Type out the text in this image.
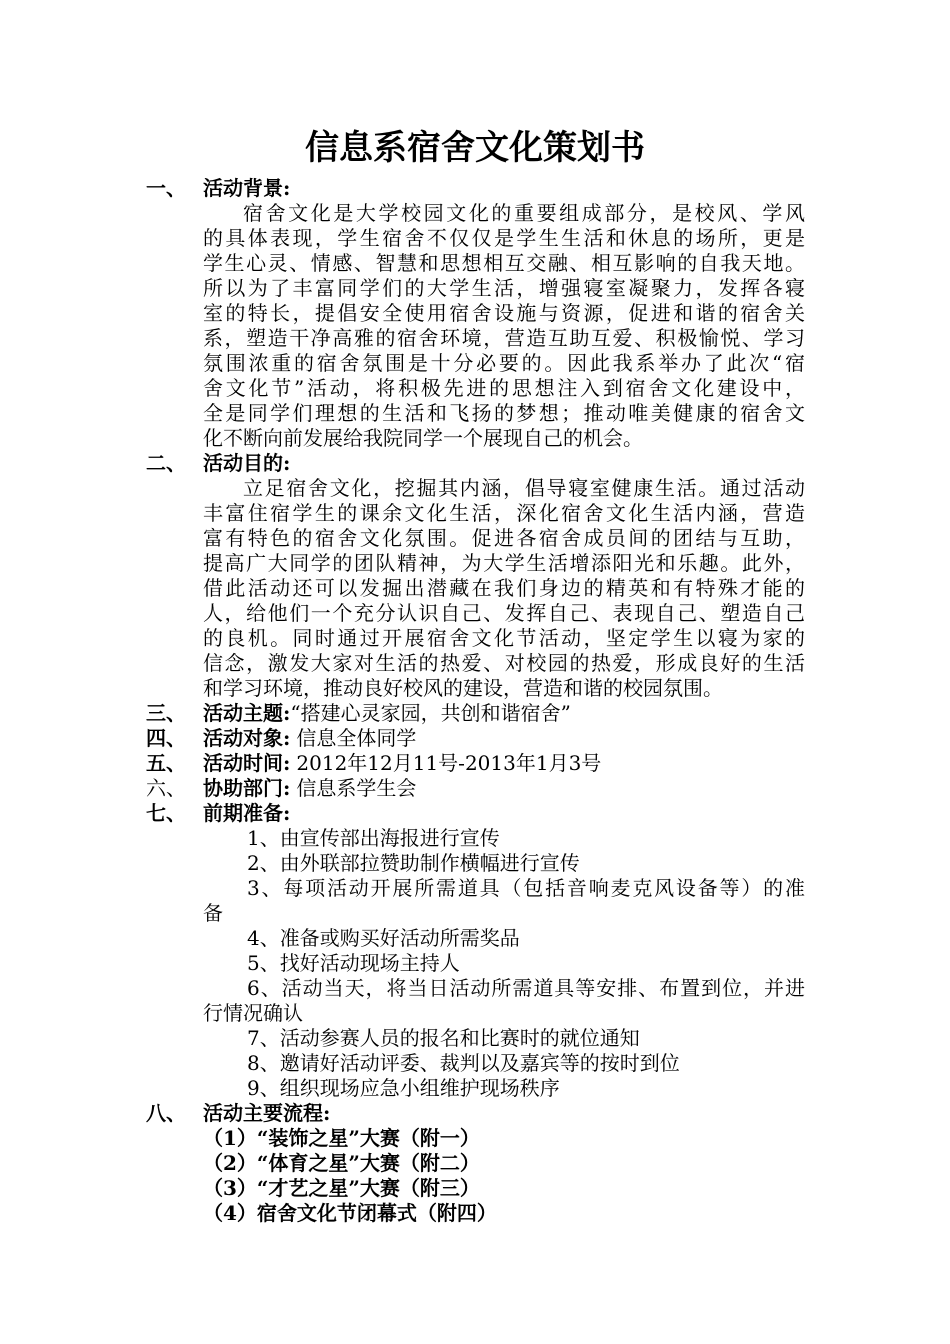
信息系宿舍文化策划书
一、 活动背景:
宿舍文化是大学校园文化的重要组成部分，是校风、学风
的具体表现，学生宿舍不仅仅是学生生活和休息的场所，更是
学生心灵、情感、智慧和思想相互交融、相互影响的自我天地。
所以为了丰富同学们的大学生活，增强寝室凝聚力，发挥各寝
室的特长，提倡安全使用宿舍设施与资源，促进和谐的宿舍关
系，塑造干净高雅的宿舍环境，营造互助互爱、积极愉悦、学习
氛围浓重的宿舍氛围是十分必要的。因此我系举办了此次“宿
舍文化节”活动，将积极先进的思想注入到宿舍文化建设中，
全是同学们理想的生活和飞扬的梦想；推动唯美健康的宿舍文
化不断向前发展给我院同学一个展现自己的机会。
二、 活动目的:
立足宿舍文化，挖掘其内涵，倡导寝室健康生活。通过活动
丰富住宿学生的课余文化生活，深化宿舍文化生活内涵，营造
富有特色的宿舍文化氛围。促进各宿舍成员间的团结与互助，
提高广大同学的团队精神，为大学生活增添阳光和乐趣。此外，
借此活动还可以发掘出潜藏在我们身边的精英和有特殊才能的
人，给他们一个充分认识自己、发挥自己、表现自己、塑造自己
的良机。同时通过开展宿舍文化节活动，坚定学生以寝为家的
信念，激发大家对生活的热爱、对校园的热爱，形成良好的生活
和学习环境，推动良好校风的建设，营造和谐的校园氛围。
三、 活动主题:“搭建心灵家园，共创和谐宿舍”
四、 活动对象: 信息全体同学
五、 活动时间: 2012年12月11号-2013年1月3号
六、 协助部门: 信息系学生会
七、 前期准备:
1、由宣传部出海报进行宣传
2、由外联部拉赞助制作横幅进行宣传
3、每项活动开展所需道具（包括音响麦克风设备等）的准
备
4、准备或购买好活动所需奖品
5、找好活动现场主持人
6、活动当天，将当日活动所需道具等安排、布置到位，并进
行情况确认
7、活动参赛人员的报名和比赛时的就位通知
8、邀请好活动评委、裁判以及嘉宾等的按时到位
9、组织现场应急小组维护现场秩序
八、 活动主要流程:
（1）“装饰之星”大赛（附一）
（2）“体育之星”大赛（附二）
（3）“才艺之星”大赛（附三）
（4）宿舍文化节闭幕式（附四）
